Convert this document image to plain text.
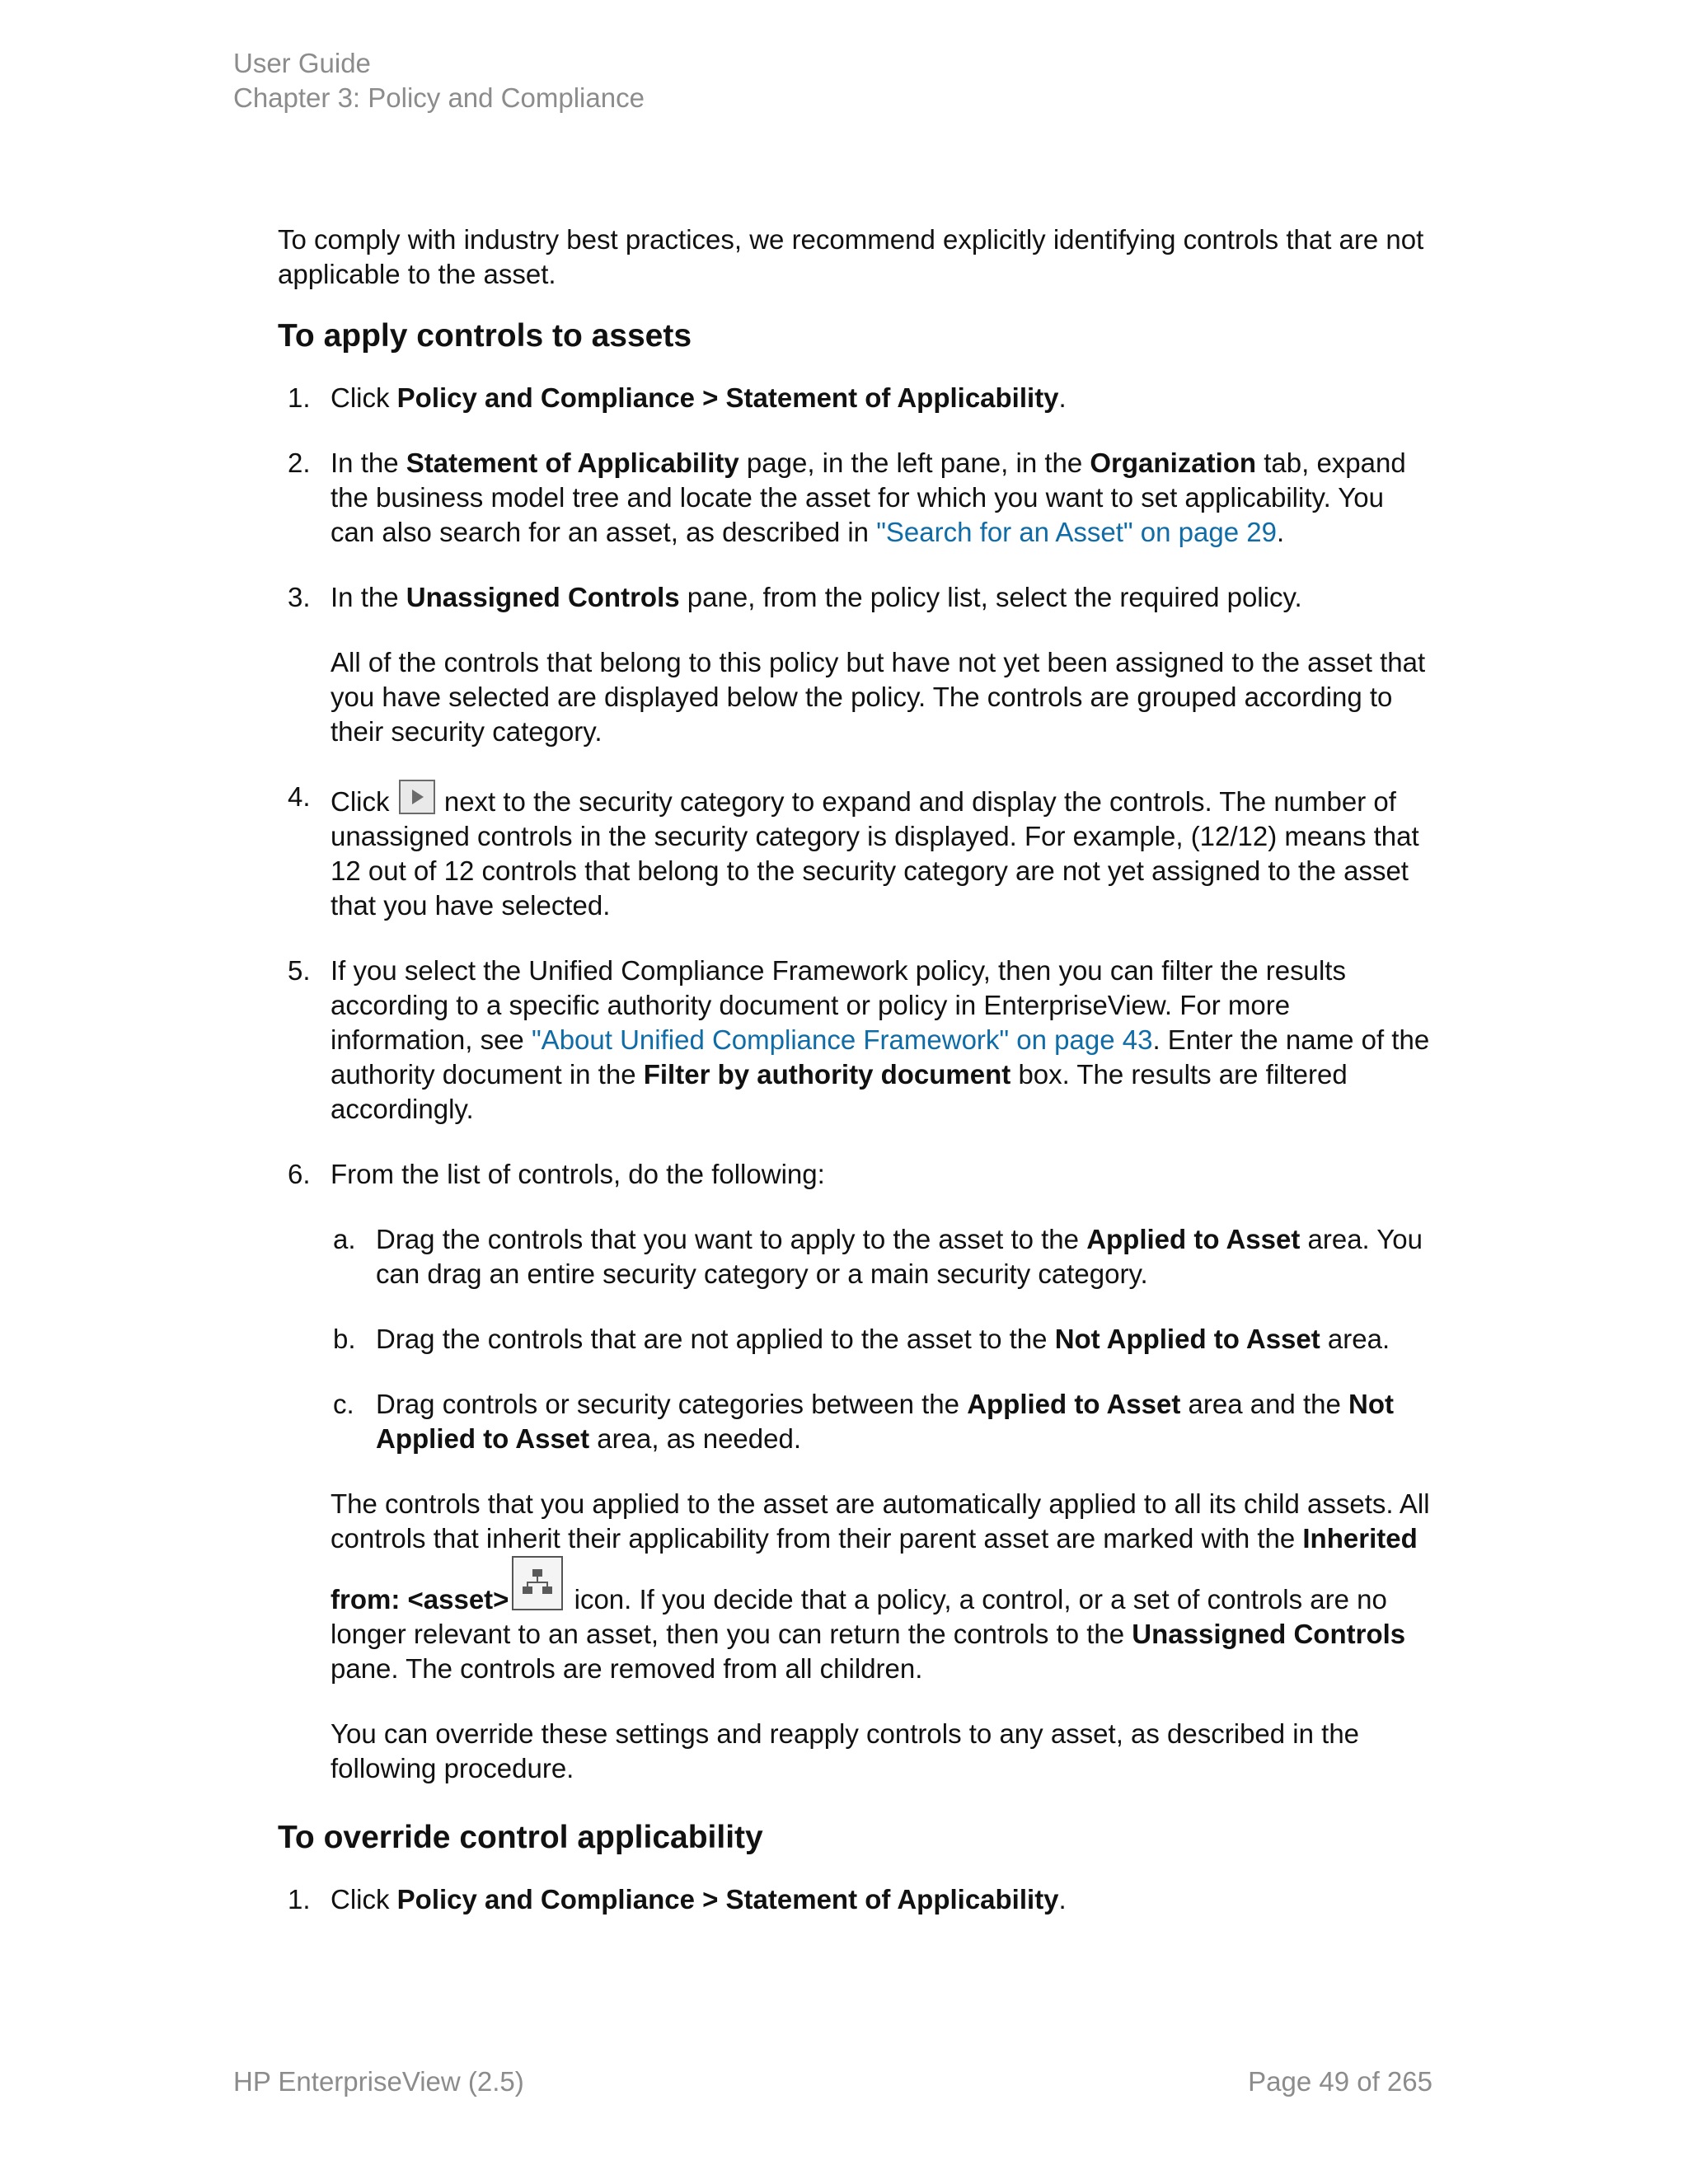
User Guide
Chapter 3: Policy and Compliance

To comply with industry best practices, we recommend explicitly identifying controls that are not applicable to the asset.

To apply controls to assets
1. Click Policy and Compliance > Statement of Applicability.
2. In the Statement of Applicability page, in the left pane, in the Organization tab, expand the business model tree and locate the asset for which you want to set applicability. You can also search for an asset, as described in "Search for an Asset" on page 29.
3. In the Unassigned Controls pane, from the policy list, select the required policy.

All of the controls that belong to this policy but have not yet been assigned to the asset that you have selected are displayed below the policy. The controls are grouped according to their security category.

4. Click
next to the security category to expand and display the controls. The number of unassigned controls in the security category is displayed. For example, (12/12) means that 12 out of 12 controls that belong to the security category are not yet assigned to the asset that you have selected.
5. If you select the Unified Compliance Framework policy, then you can filter the results according to a specific authority document or policy in EnterpriseView. For more information, see "About Unified Compliance Framework" on page 43. Enter the name of the authority document in the Filter by authority document box. The results are filtered accordingly.
6. From the list of controls, do the following:
a. Drag the controls that you want to apply to the asset to the Applied to Asset area. You can drag an entire security category or a main security category.
b. Drag the controls that are not applied to the asset to the Not Applied to Asset area.
c. Drag controls or security categories between the Applied to Asset area and the Not Applied to Asset area, as needed.

The controls that you applied to the asset are automatically applied to all its child assets. All controls that inherit their applicability from their parent asset are marked with the Inherited from: <asset>
icon. If you decide that a policy, a control, or a set of controls are no longer relevant to an asset, then you can return the controls to the Unassigned Controls pane. The controls are removed from all children.

You can override these settings and reapply controls to any asset, as described in the following procedure.

To override control applicability
1. Click Policy and Compliance > Statement of Applicability.
HP EnterpriseView (2.5)	Page 49 of 265
